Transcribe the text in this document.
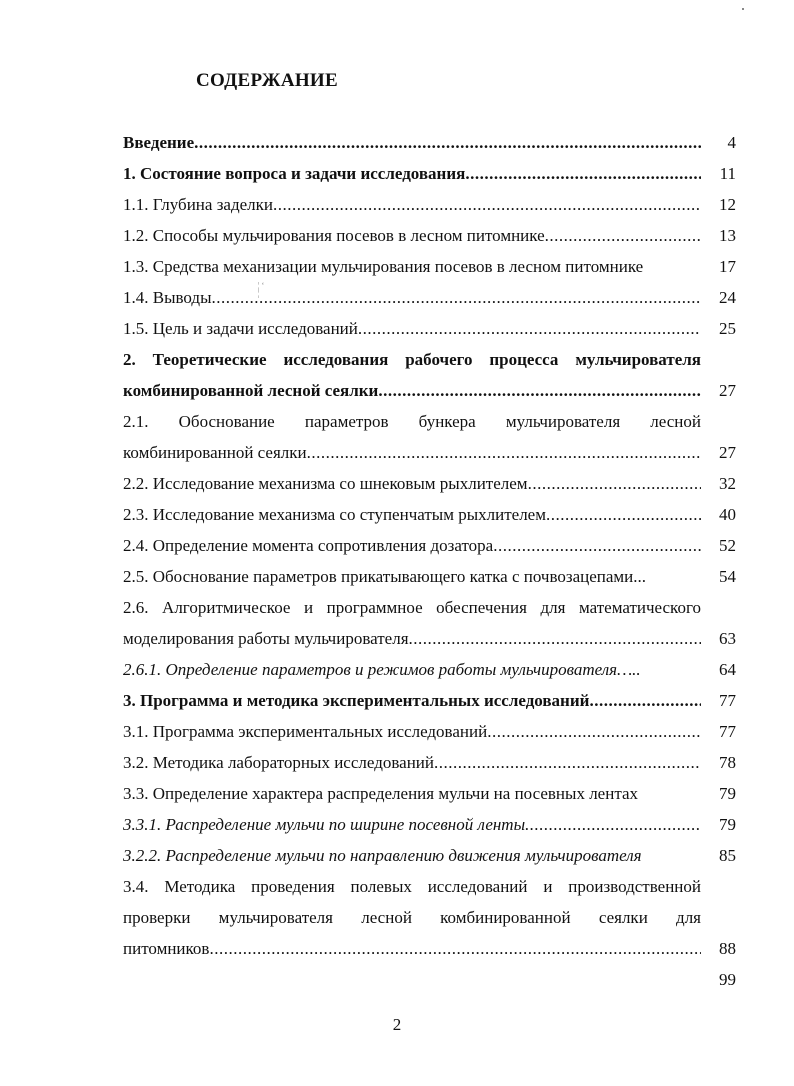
¦ ‘
¦
СОДЕРЖАНИЕ
Введение .....	4
1. Состояние вопроса и задачи исследования .....	11
1.1. Глубина заделки .....	12
1.2. Способы мульчирования посевов в лесном питомнике .....	13
1.3. Средства механизации мульчирования посевов в лесном питомнике	17
1.4. Выводы .....	24
1.5. Цель и задачи исследований .....	25
2. Теоретические исследования рабочего процесса мульчирователя
комбинированной лесной сеялки .....	27
2.1. Обоснование параметров бункера мульчирователя лесной
комбинированной сеялки .....	27
2.2. Исследование механизма со шнековым рыхлителем .....	32
2.3. Исследование механизма со ступенчатым рыхлителем .....	40
2.4. Определение момента сопротивления дозатора .....	52
2.5. Обоснование параметров прикатывающего катка с почвозацепами...	54
2.6. Алгоритмическое и программное обеспечения для математического
моделирования работы мульчирователя .....	63
2.6.1. Определение параметров и режимов работы мульчирователя…..	64
3. Программа и методика экспериментальных исследований .....	77
3.1. Программа экспериментальных исследований .....	77
3.2. Методика лабораторных исследований .....	78
3.3. Определение характера распределения мульчи на посевных лентах	79
3.3.1. Распределение мульчи по ширине посевной ленты .....	79
3.2.2. Распределение мульчи по направлению движения мульчирователя	85
3.4. Методика проведения полевых исследований и производственной
проверки мульчирователя лесной комбинированной сеялки для
питомников .....	88
99
2
